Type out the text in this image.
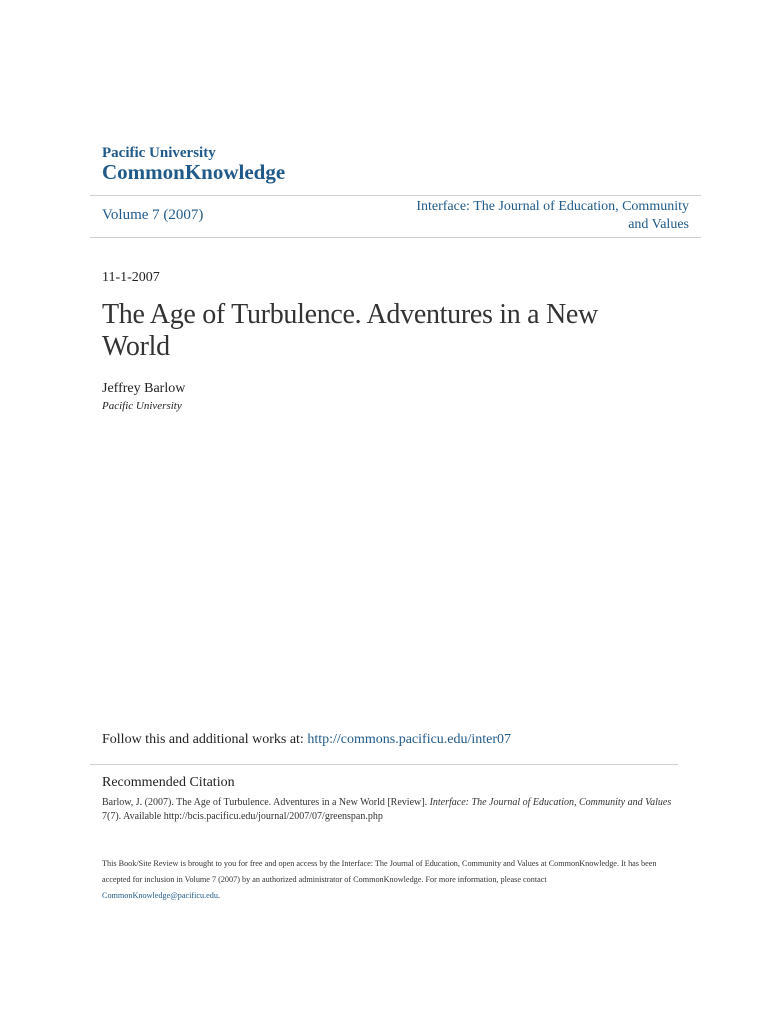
Pacific University
CommonKnowledge
Volume 7 (2007)
Interface: The Journal of Education, Community
and Values
11-1-2007
The Age of Turbulence. Adventures in a New World
Jeffrey Barlow
Pacific University
Follow this and additional works at: http://commons.pacificu.edu/inter07
Recommended Citation
Barlow, J. (2007). The Age of Turbulence. Adventures in a New World [Review]. Interface: The Journal of Education, Community and Values 7(7). Available http://bcis.pacificu.edu/journal/2007/07/greenspan.php
This Book/Site Review is brought to you for free and open access by the Interface: The Journal of Education, Community and Values at CommonKnowledge. It has been accepted for inclusion in Volume 7 (2007) by an authorized administrator of CommonKnowledge. For more information, please contact CommonKnowledge@pacificu.edu.
